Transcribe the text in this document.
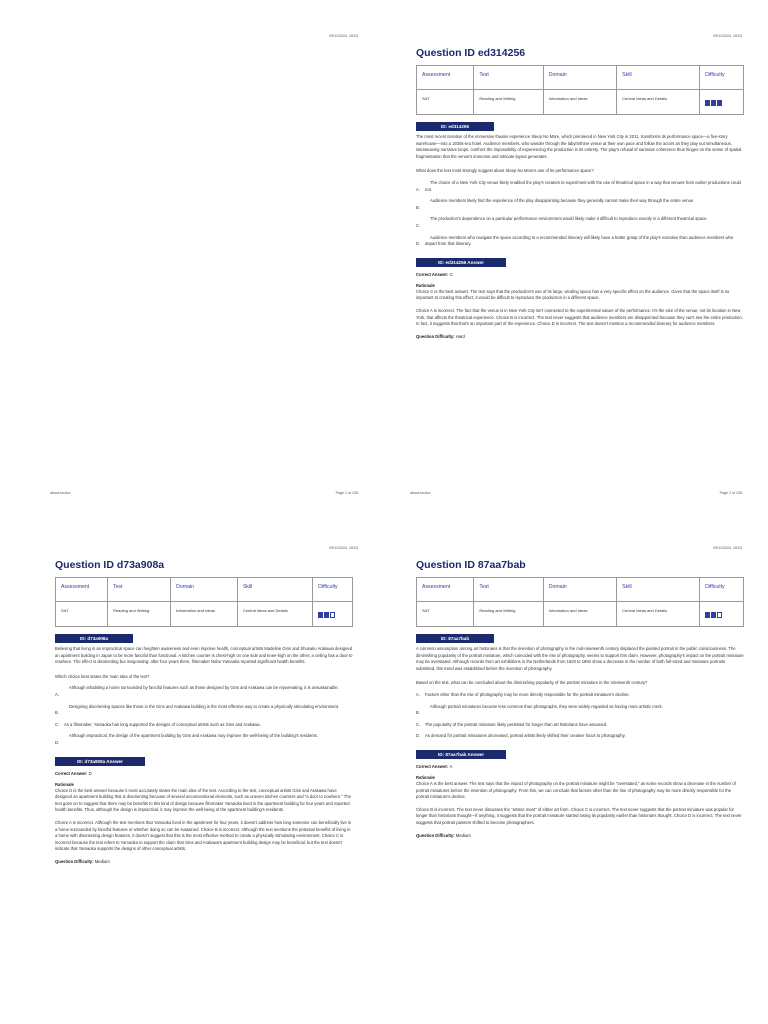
09/11/2024, 18:03
about:srcdoc	Page 1 of 128
09/11/2024, 18:03
Question ID ed314256
Assessment	Test	Domain	Skill	Difficulty
SAT	Reading and Writing	Information and Ideas	Central Ideas and Details	
ID: ed314256
The most recent iteration of the immersive theater experience Sleep No More, which premiered in New York City in 2011, transforms its performance space—a five-story warehouse—into a 1930s-era hotel. Audience members, who wander through the labyrinthine venue at their own pace and follow the actors as they play out simultaneous, interweaving narrative loops, confront the impossibility of experiencing the production in its entirety. The play's refusal of narrative coherence thus hinges on the sense of spatial fragmentation that the venue's immense and intricate layout generates.
What does the text most strongly suggest about Sleep No More's use of its performance space?
A.
The choice of a New York City venue likely enabled the play's creators to experiment with the use of theatrical space in a way that venues from earlier productions could not.
B.
Audience members likely find the experience of the play disappointing because they generally cannot make their way through the entire venue.
C.
The production's dependence on a particular performance environment would likely make it difficult to reproduce exactly in a different theatrical space.
D.
Audience members who navigate the space according to a recommended itinerary will likely have a better grasp of the play's narrative than audience members who depart from that itinerary.
ID: ed314256 Answer
Correct Answer: C
Rationale
Choice C is the best answer. The text says that the production's use of its large, winding space has a very specific effect on the audience. Given that the space itself is so important to creating this effect, it would be difficult to reproduce the production in a different space.
Choice A is incorrect. The fact that the venue is in New York City isn't connected to the experimental nature of the performance. It's the size of the venue, not its location in New York, that affects the theatrical experience. Choice B is incorrect. The text never suggests that audience members are disappointed because they can't see the entire production. In fact, it suggests that that's an important part of the experience. Choice D is incorrect. The text doesn't mention a recommended itinerary for audience members.
Question Difficulty: Hard
about:srcdoc	Page 2 of 128
09/11/2024, 18:03
Question ID d73a908a
Assessment	Test	Domain	Skill	Difficulty
SAT	Reading and Writing	Information and Ideas	Central Ideas and Details	
ID: d73a908a
Believing that living in an impractical space can heighten awareness and even improve health, conceptual artists Madeline Gins and Shusaku Arakawa designed an apartment building in Japan to be more fanciful than functional. A kitchen counter is chest-high on one side and knee-high on the other; a ceiling has a door to nowhere. The effect is disorienting but invigorating: after four years there, filmmaker Nobu Yamaoka reported significant health benefits.
Which choice best states the main idea of the text?
A.
Although inhabiting a home surrounded by fanciful features such as those designed by Gins and Arakawa can be rejuvenating, it is unsustainable.
B.
Designing disorienting spaces like those in the Gins and Arakawa building is the most effective way to create a physically stimulating environment.
C.	As a filmmaker, Yamaoka has long supported the designs of conceptual artists such as Gins and Arakawa.
D.
Although impractical, the design of the apartment building by Gins and Arakawa may improve the well-being of the building's residents.
ID: d73a908a Answer
Correct Answer: D
Rationale
Choice D is the best answer because it most accurately states the main idea of the text. According to the text, conceptual artists Gins and Arakawa have designed an apartment building that is disorienting because of several unconventional elements, such as uneven kitchen counters and "a door to nowhere." The text goes on to suggest that there may be benefits to this kind of design because filmmaker Yamaoka lived in the apartment building for four years and reported health benefits. Thus, although the design is impractical, it may improve the well-being of the apartment building's residents.
Choice A is incorrect. Although the text mentions that Yamaoka lived in the apartment for four years, it doesn't address how long someone can beneficially live in a home surrounded by fanciful features or whether doing so can be sustained. Choice B is incorrect. Although the text mentions the potential benefits of living in a home with disorienting design features, it doesn't suggest that this is the most effective method to create a physically stimulating environment. Choice C is incorrect because the text refers to Yamaoka to support the claim that Gins and Arakawa's apartment building design may be beneficial, but the text doesn't indicate that Yamaoka supports the designs of other conceptual artists.
Question Difficulty: Medium
09/11/2024, 18:03
Question ID 87aa7bab
Assessment	Test	Domain	Skill	Difficulty
SAT	Reading and Writing	Information and Ideas	Central Ideas and Details	
ID: 87aa7bab
A common assumption among art historians is that the invention of photography in the mid-nineteenth century displaced the painted portrait in the public consciousness. The diminishing popularity of the portrait miniature, which coincided with the rise of photography, seems to support this claim. However, photography's impact on the portrait miniature may be overstated. Although records from art exhibitions in the Netherlands from 1820 to 1892 show a decrease in the number of both full-sized and miniature portraits submitted, this trend was established before the invention of photography.
Based on the text, what can be concluded about the diminishing popularity of the portrait miniature in the nineteenth century?
A.	Factors other than the rise of photography may be more directly responsible for the portrait miniature's decline.
B.
Although portrait miniatures became less common than photographs, they were widely regarded as having more artistic merit.
C.	The popularity of the portrait miniature likely persisted for longer than art historians have assumed.
D.	As demand for portrait miniatures decreased, portrait artists likely shifted their creative focus to photography.
ID: 87aa7bab Answer
Correct Answer: A
Rationale
Choice A is the best answer. The text says that the impact of photography on the portrait miniature might be "overstated," as some records show a decrease in the number of portrait miniatures before the invention of photography. From this, we can conclude that factors other than the rise of photography may be more directly responsible for the portrait miniature's decline.
Choice B is incorrect. The text never discusses the "artistic merit" of either art form. Choice C is incorrect. The text never suggests that the portrait miniature was popular for longer than historians thought—if anything, it suggests that the portrait miniature started losing its popularity earlier than historians thought. Choice D is incorrect. The text never suggests that portrait painters shifted to become photographers.
Question Difficulty: Medium
